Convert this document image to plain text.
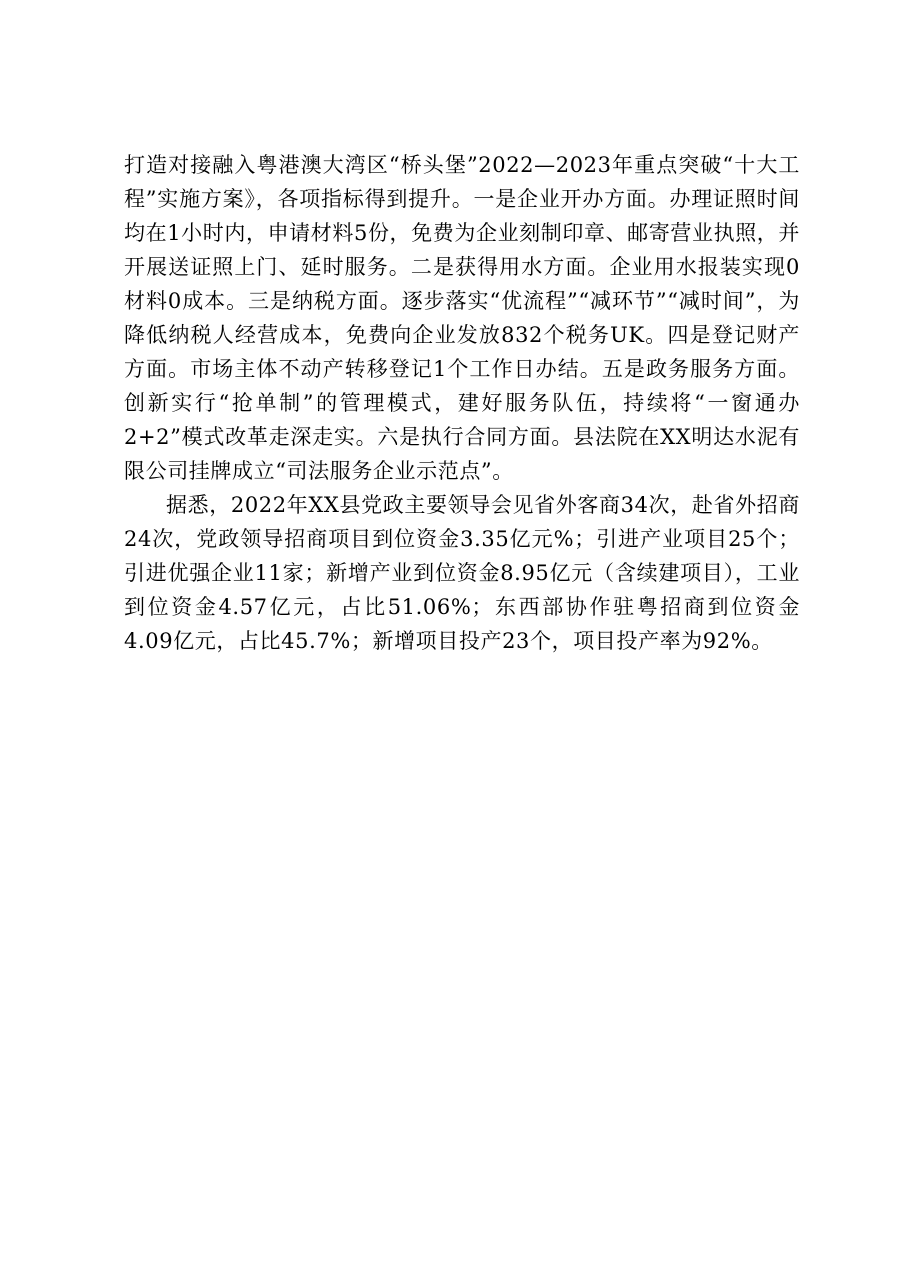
打造对接融入粤港澳大湾区“桥头堡”2022—2023年重点突破“十大工程”实施方案》，各项指标得到提升。一是企业开办方面。办理证照时间均在1小时内，申请材料5份，免费为企业刻制印章、邮寄营业执照，并开展送证照上门、延时服务。二是获得用水方面。企业用水报装实现0材料0成本。三是纳税方面。逐步落实“优流程”“减环节”“减时间”，为降低纳税人经营成本，免费向企业发放832个税务UK。四是登记财产方面。市场主体不动产转移登记1个工作日办结。五是政务服务方面。创新实行“抢单制”的管理模式，建好服务队伍，持续将“一窗通办2+2”模式改革走深走实。六是执行合同方面。县法院在XX明达水泥有限公司挂牌成立“司法服务企业示范点”。

据悉，2022年XX县党政主要领导会见省外客商34次，赴省外招商24次，党政领导招商项目到位资金3.35亿元%；引进产业项目25个；引进优强企业11家；新增产业到位资金8.95亿元（含续建项目），工业到位资金4.57亿元，占比51.06%；东西部协作驻粤招商到位资金4.09亿元，占比45.7%；新增项目投产23个，项目投产率为92%。
